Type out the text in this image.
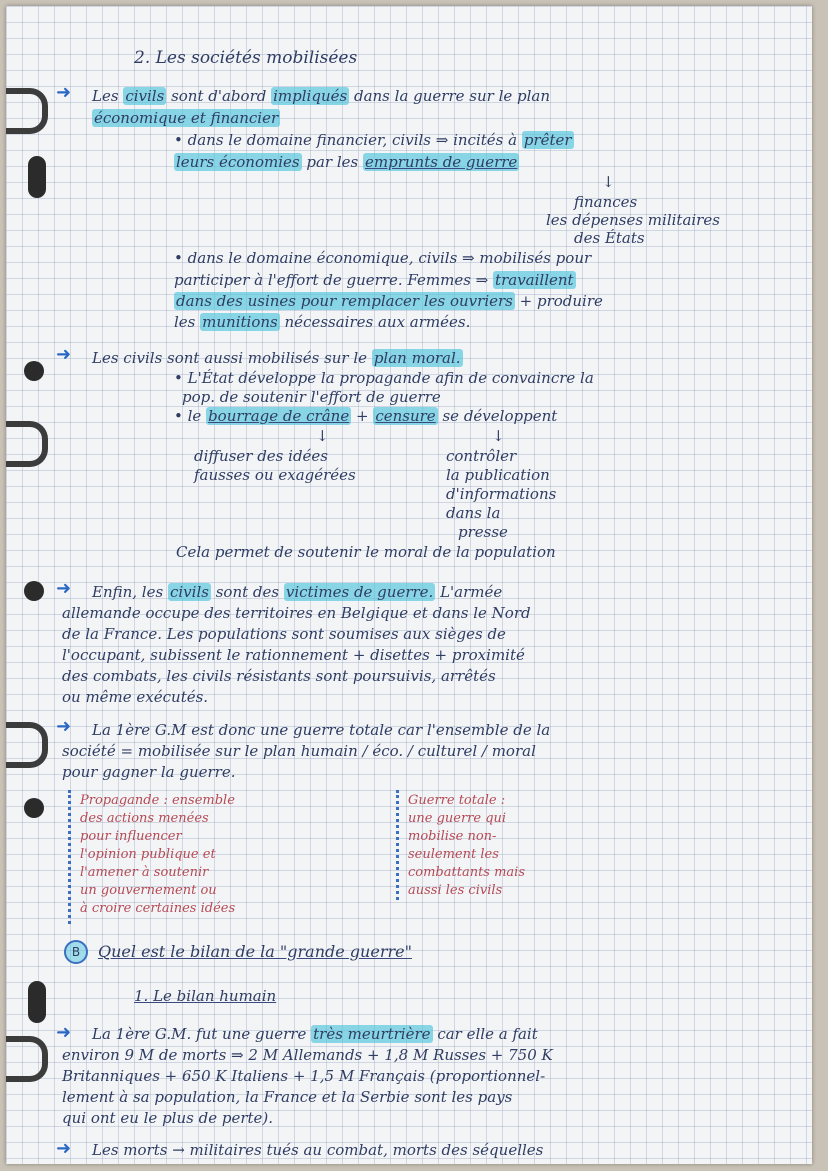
2. Les sociétés mobilisées

➜ Les civils sont d'abord impliqués dans la guerre sur le plan

économique et financier

• dans le domaine financier, civils ⇒ incités à prêter

leurs économies par les emprunts de guerre

↓

finances

les dépenses militaires

des États

• dans le domaine économique, civils ⇒ mobilisés pour

participer à l'effort de guerre. Femmes ⇒ travaillent

dans des usines pour remplacer les ouvriers + produire

les munitions nécessaires aux armées.

➜ Les civils sont aussi mobilisés sur le plan moral.

• L'État développe la propagande afin de convaincre la

pop. de soutenir l'effort de guerre

• le bourrage de crâne + censure se développent

↓	↓

diffuser des idées

fausses ou exagérées

contrôler

la publication

d'informations

dans la

presse

Cela permet de soutenir le moral de la population

➜ Enfin, les civils sont des victimes de guerre. L'armée

allemande occupe des territoires en Belgique et dans le Nord

de la France. Les populations sont soumises aux sièges de

l'occupant, subissent le rationnement + disettes + proximité

des combats, les civils résistants sont poursuivis, arrêtés

ou même exécutés.

➜ La 1ère G.M est donc une guerre totale car l'ensemble de la

société = mobilisée sur le plan humain / éco. / culturel / moral

pour gagner la guerre.

Propagande : ensemble

des actions menées

pour influencer

l'opinion publique et

l'amener à soutenir

un gouvernement ou

à croire certaines idées

Guerre totale :

une guerre qui

mobilise non-

seulement les

combattants mais

aussi les civils

B	Quel est le bilan de la "grande guerre"

1. Le bilan humain

➜ La 1ère G.M. fut une guerre très meurtrière car elle a fait

environ 9 M de morts ⇒ 2 M Allemands + 1,8 M Russes + 750 K

Britanniques + 650 K Italiens + 1,5 M Français (proportionnel-

lement à sa population, la France et la Serbie sont les pays

qui ont eu le plus de perte).

➜ Les morts → militaires tués au combat, morts des séquelles
